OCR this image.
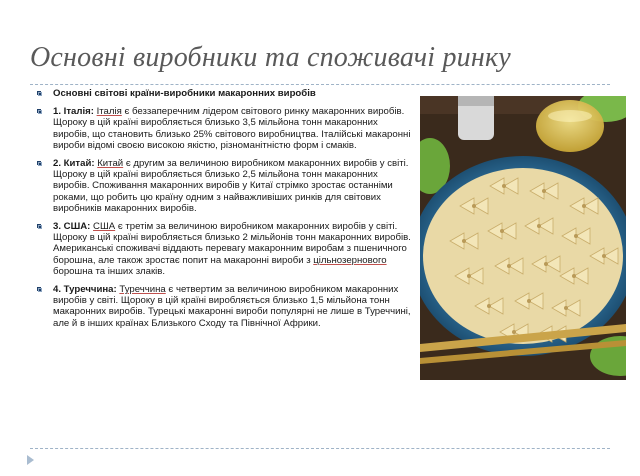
Основні виробники та споживачі ринку
Основні світові країни-виробники макаронних виробів
1. Італія: Італія є беззаперечним лідером світового ринку макаронних виробів. Щороку в цій країні виробляється близько 3,5 мільйона тонн макаронних виробів, що становить близько 25% світового виробництва. Італійські макаронні вироби відомі своєю високою якістю, різноманітністю форм і смаків.
2. Китай: Китай є другим за величиною виробником макаронних виробів у світі. Щороку в цій країні виробляється близько 2,5 мільйона тонн макаронних виробів. Споживання макаронних виробів у Китаї стрімко зростає останніми роками, що робить цю країну одним з найважливіших ринків для світових виробників макаронних виробів.
3. США: США є третім за величиною виробником макаронних виробів у світі. Щороку в цій країні виробляється близько 2 мільйонів тонн макаронних виробів. Американські споживачі віддають перевагу макаронним виробам з пшеничного борошна, але також зростає попит на макаронні вироби з цільнозернового борошна та інших злаків.
4. Туреччина: Туреччина є четвертим за величиною виробником макаронних виробів у світі. Щороку в цій країні виробляється близько 1,5 мільйона тонн макаронних виробів. Турецькі макаронні вироби популярні не лише в Туреччині, але й в інших країнах Близького Сходу та Північної Африки.
